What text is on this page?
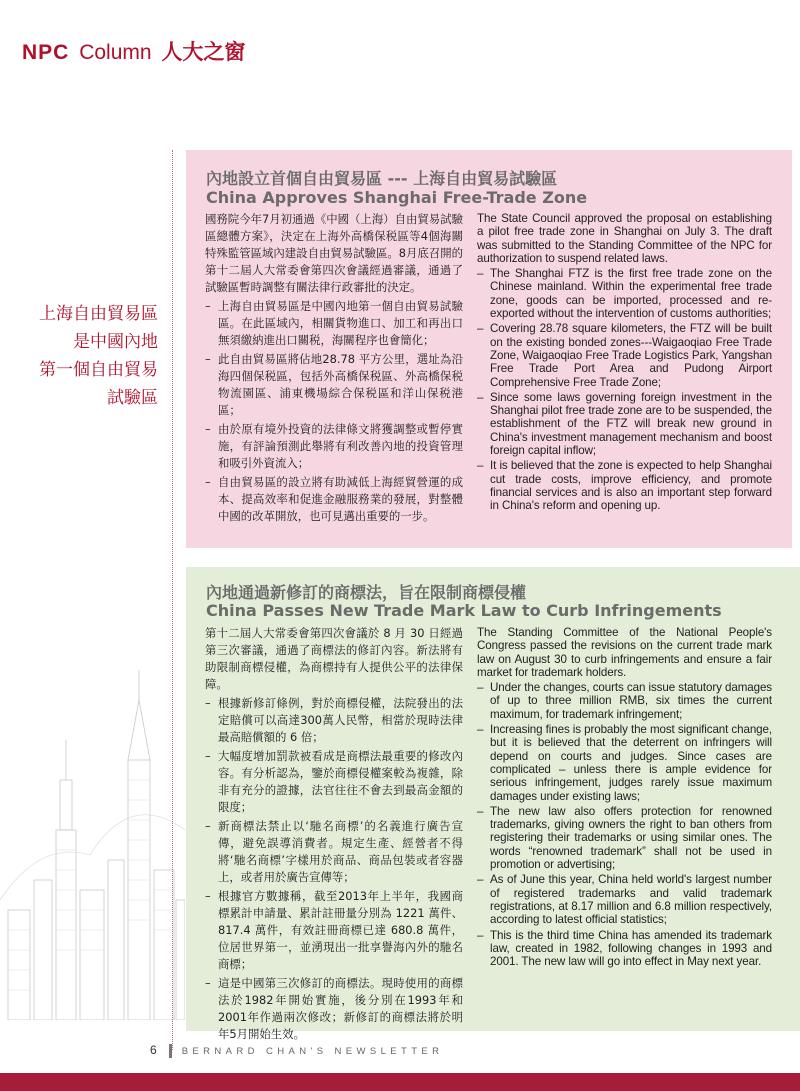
NPC Column 人大之窗
上海自由貿易區
是中國內地
第一個自由貿易
試驗區
內地設立首個自由貿易區 --- 上海自由貿易試驗區
China Approves Shanghai Free-Trade Zone

國務院今年7月初通過《中國（上海）自由貿易試驗區總體方案》，決定在上海外高橋保税區等4個海關特殊監管區域內建設自由貿易試驗區。8月底召開的第十二屆人大常委會第四次會議經過審議，通過了試驗區暫時調整有關法律行政審批的決定。

– 上海自由貿易區是中國內地第一個自由貿易試驗區。在此區域內，相關貨物進口、加工和再出口無須繳納進出口關税，海關程序也會簡化；
– 此自由貿易區將佔地28.78 平方公里，選址為沿海四個保税區，包括外高橋保税區、外高橋保税物流園區、浦東機場綜合保税區和洋山保税港區；
– 由於原有境外投資的法律條文將獲調整或暫停實施，有評論預測此舉將有利改善內地的投資管理和吸引外資流入；
– 自由貿易區的設立將有助減低上海經貿營運的成本、提高效率和促進金融服務業的發展，對整體中國的改革開放，也可見邁出重要的一步。

The State Council approved the proposal on establishing a pilot free trade zone in Shanghai on July 3. The draft was submitted to the Standing Committee of the NPC for authorization to suspend related laws.

– The Shanghai FTZ is the first free trade zone on the Chinese mainland. Within the experimental free trade zone, goods can be imported, processed and re-exported without the intervention of customs authorities;
– Covering 28.78 square kilometers, the FTZ will be built on the existing bonded zones---Waigaoqiao Free Trade Zone, Waigaoqiao Free Trade Logistics Park, Yangshan Free Trade Port Area and Pudong Airport Comprehensive Free Trade Zone;
– Since some laws governing foreign investment in the Shanghai pilot free trade zone are to be suspended, the establishment of the FTZ will break new ground in China's investment management mechanism and boost foreign capital inflow;
– It is believed that the zone is expected to help Shanghai cut trade costs, improve efficiency, and promote financial services and is also an important step forward in China's reform and opening up.
內地通過新修訂的商標法，旨在限制商標侵權
China Passes New Trade Mark Law to Curb Infringements

第十二屆人大常委會第四次會議於 8 月 30 日經過第三次審議，通過了商標法的修訂內容。新法將有助限制商標侵權，為商標持有人提供公平的法律保障。

– 根據新修訂條例，對於商標侵權，法院發出的法定賠償可以高達300萬人民幣，相當於現時法律最高賠償額的 6 倍；
– 大幅度增加罰款被看成是商標法最重要的修改內容。有分析認為，鑒於商標侵權案較為複雜，除非有充分的證據，法官往往不會去到最高金額的限度；
– 新商標法禁止以‘馳名商標’的名義進行廣告宣傳，避免誤導消費者。規定生產、經營者不得將‘馳名商標’字樣用於商品、商品包裝或者容器上，或者用於廣告宣傳等；
– 根據官方數據稱，截至2013年上半年，我國商標累計申請量、累計註冊量分別為 1221 萬件、817.4 萬件，有效註冊商標已達 680.8 萬件，位居世界第一，並湧現出一批享譽海內外的馳名商標；
– 這是中國第三次修訂的商標法。現時使用的商標法於1982年開始實施，後分別在1993年和2001年作過兩次修改；新修訂的商標法將於明年5月開始生效。

The Standing Committee of the National People's Congress passed the revisions on the current trade mark law on August 30 to curb infringements and ensure a fair market for trademark holders.

– Under the changes, courts can issue statutory damages of up to three million RMB, six times the current maximum, for trademark infringement;
– Increasing fines is probably the most significant change, but it is believed that the deterrent on infringers will depend on courts and judges. Since cases are complicated – unless there is ample evidence for serious infringement, judges rarely issue maximum damages under existing laws;
– The new law also offers protection for renowned trademarks, giving owners the right to ban others from registering their trademarks or using similar ones. The words “renowned trademark” shall not be used in promotion or advertising;
– As of June this year, China held world's largest number of registered trademarks and valid trademark registrations, at 8.17 million and 6.8 million respectively, according to latest official statistics;
– This is the third time China has amended its trademark law, created in 1982, following changes in 1993 and 2001. The new law will go into effect in May next year.
6	BERNARD CHAN'S NEWSLETTER
